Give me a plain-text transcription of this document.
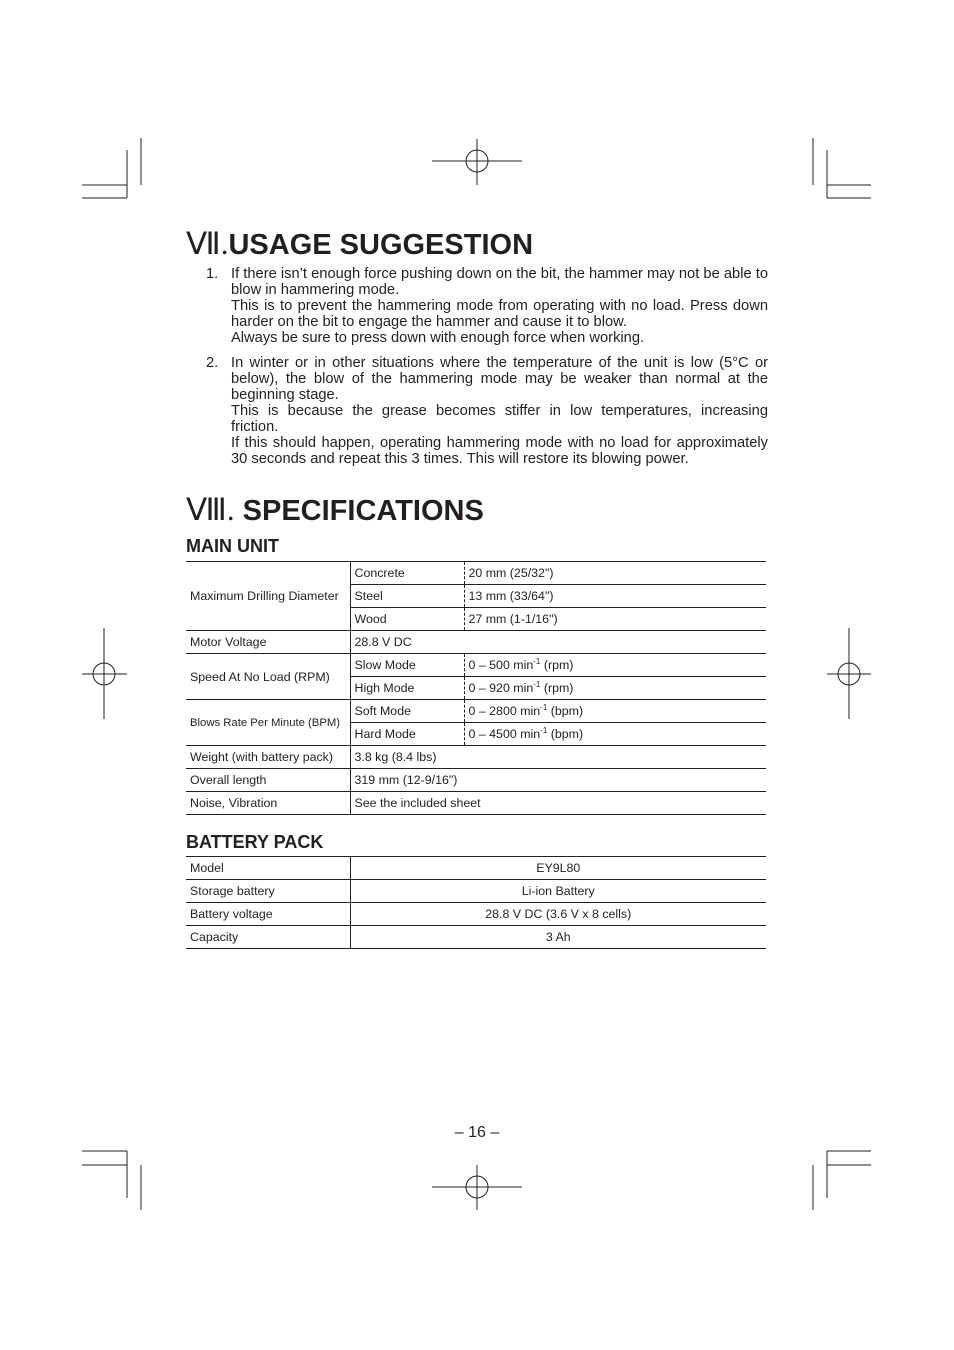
Ⅶ.USAGE SUGGESTION
1. If there isn’t enough force pushing down on the bit, the hammer may not be able to blow in hammering mode.

This is to prevent the hammering mode from operating with no load. Press down harder on the bit to engage the hammer and cause it to blow.

Always be sure to press down with enough force when working.

2. In winter or in other situations where the temperature of the unit is low (5°C or below), the blow of the hammering mode may be weaker than normal at the beginning stage.

This is because the grease becomes stiffer in low temperatures, increasing friction.

If this should happen, operating hammering mode with no load for approximately 30 seconds and repeat this 3 times. This will restore its blowing power.

Ⅷ. SPECIFICATIONS
MAIN UNIT
Maximum Drilling Diameter	Concrete	20 mm (25/32")
	Steel	13 mm (33/64")
	Wood	27 mm (1-1/16")
Motor Voltage	28.8 V DC	
Speed At No Load (RPM)	Slow Mode	0 – 500 $\min^{-1} (rpm)$
	High Mode	0 – 920 $\min^{-1} (rpm)$
Blows Rate Per Minute (BPM)	Soft Mode	0 – 2800 $\min^{-1} (bpm)$
	Hard Mode	0 – 4500 $\min^{-1} (bpm)$
Weight (with battery pack)	3.8 kg (8.4 lbs)	
Overall length	319 mm (12-9/16")	
Noise, Vibration	See the included sheet	
BATTERY PACK
Model	EY9L80
Storage battery	Li-ion Battery
Battery voltage	28.8 V DC (3.6 V x 8 cells)
Capacity	3 Ah
– 16 –
